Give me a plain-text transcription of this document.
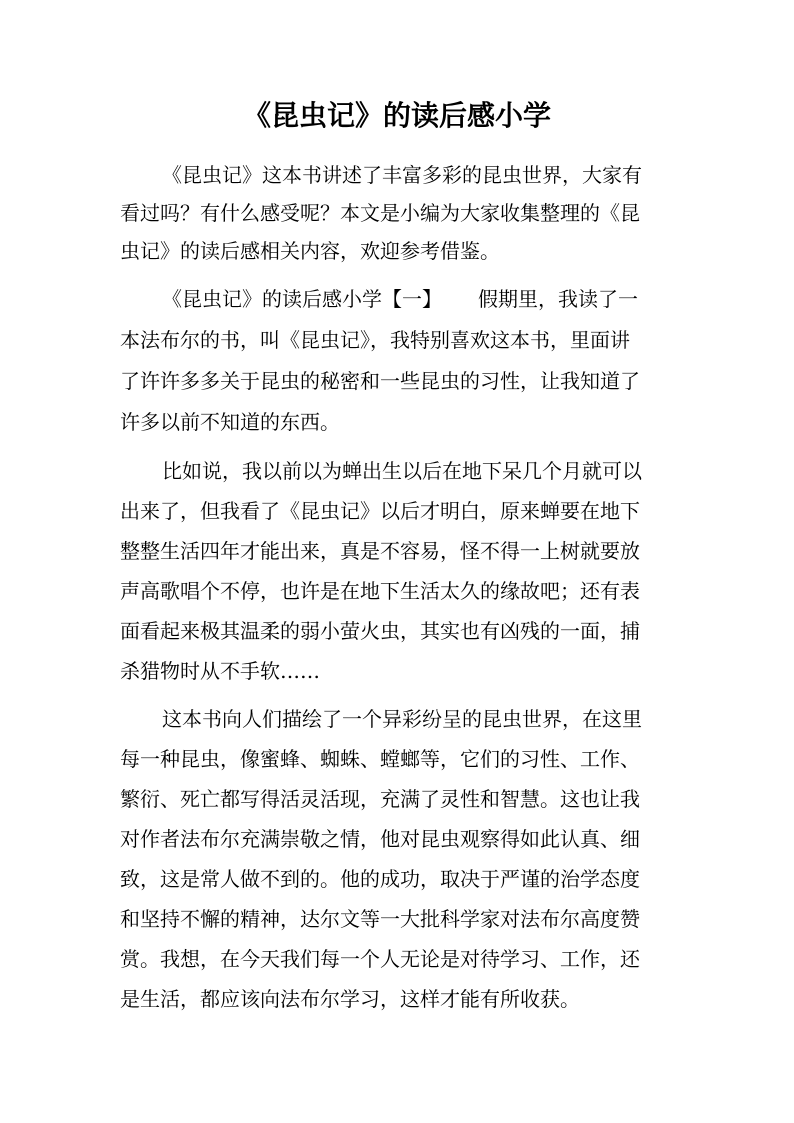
《昆虫记》的读后感小学

《昆虫记》这本书讲述了丰富多彩的昆虫世界，大家有

看过吗？有什么感受呢？本文是小编为大家收集整理的《昆

虫记》的读后感相关内容，欢迎参考借鉴。

《昆虫记》的读后感小学【一】 假期里，我读了一

本法布尔的书，叫《昆虫记》，我特别喜欢这本书，里面讲

了许许多多关于昆虫的秘密和一些昆虫的习性，让我知道了

许多以前不知道的东西。

比如说，我以前以为蝉出生以后在地下呆几个月就可以

出来了，但我看了《昆虫记》以后才明白，原来蝉要在地下

整整生活四年才能出来，真是不容易，怪不得一上树就要放

声高歌唱个不停，也许是在地下生活太久的缘故吧；还有表

面看起来极其温柔的弱小萤火虫，其实也有凶残的一面，捕

杀猎物时从不手软……

这本书向人们描绘了一个异彩纷呈的昆虫世界，在这里

每一种昆虫，像蜜蜂、蜘蛛、螳螂等，它们的习性、工作、

繁衍、死亡都写得活灵活现，充满了灵性和智慧。这也让我

对作者法布尔充满崇敬之情，他对昆虫观察得如此认真、细

致，这是常人做不到的。他的成功，取决于严谨的治学态度

和坚持不懈的精神，达尔文等一大批科学家对法布尔高度赞

赏。我想，在今天我们每一个人无论是对待学习、工作，还

是生活，都应该向法布尔学习，这样才能有所收获。
